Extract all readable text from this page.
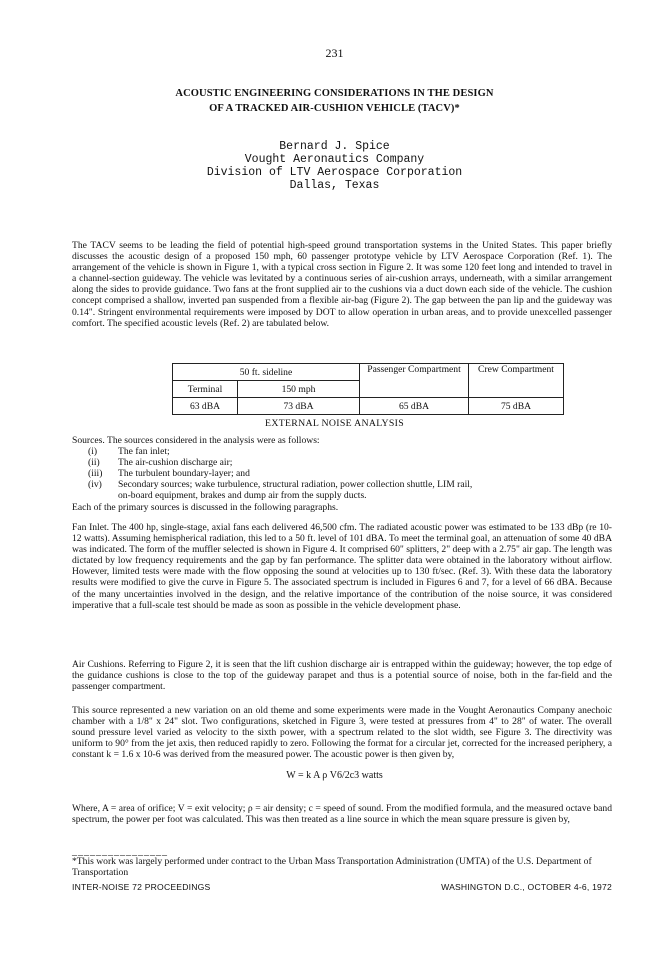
231
ACOUSTIC ENGINEERING CONSIDERATIONS IN THE DESIGN
OF A TRACKED AIR-CUSHION VEHICLE (TACV)*
Bernard J. Spice
Vought Aeronautics Company
Division of LTV Aerospace Corporation
Dallas, Texas

The TACV seems to be leading the field of potential high-speed ground transportation systems in the United States. This paper briefly discusses the acoustic design of a proposed 150 mph, 60 passenger prototype vehicle by LTV Aerospace Corporation (Ref. 1). The arrangement of the vehicle is shown in Figure 1, with a typical cross section in Figure 2. It was some 120 feet long and intended to travel in a channel-section guideway. The vehicle was levitated by a continuous series of air-cushion arrays, underneath, with a similar arrangement along the sides to provide guidance. Two fans at the front supplied air to the cushions via a duct down each side of the vehicle. The cushion concept comprised a shallow, inverted pan suspended from a flexible air-bag (Figure 2). The gap between the pan lip and the guideway was 0.14". Stringent environmental requirements were imposed by DOT to allow operation in urban areas, and to provide unexcelled passenger comfort. The specified acoustic levels (Ref. 2) are tabulated below.

50 ft. sideline		Passenger Compartment	Crew Compartment
Terminal	150 mph		
63 dBA	73 dBA	65 dBA	75 dBA
EXTERNAL NOISE ANALYSIS
Sources. The sources considered in the analysis were as follows:
(i)	The fan inlet;
(ii)	The air-cushion discharge air;
(iii)	The turbulent boundary-layer; and
(iv)	Secondary sources; wake turbulence, structural radiation, power collection shuttle, LIM rail,
on-board equipment, brakes and dump air from the supply ducts.
Each of the primary sources is discussed in the following paragraphs.

Fan Inlet. The 400 hp, single-stage, axial fans each delivered 46,500 cfm. The radiated acoustic power was estimated to be 133 dBp (re 10-12 watts). Assuming hemispherical radiation, this led to a 50 ft. level of 101 dBA. To meet the terminal goal, an attenuation of some 40 dBA was indicated. The form of the muffler selected is shown in Figure 4. It comprised 60" splitters, 2" deep with a 2.75" air gap. The length was dictated by low frequency requirements and the gap by fan performance. The splitter data were obtained in the laboratory without airflow. However, limited tests were made with the flow opposing the sound at velocities up to 130 ft/sec. (Ref. 3). With these data the laboratory results were modified to give the curve in Figure 5. The associated spectrum is included in Figures 6 and 7, for a level of 66 dBA. Because of the many uncertainties involved in the design, and the relative importance of the contribution of the noise source, it was considered imperative that a full-scale test should be made as soon as possible in the vehicle development phase.

Air Cushions. Referring to Figure 2, it is seen that the lift cushion discharge air is entrapped within the guideway; however, the top edge of the guidance cushions is close to the top of the guideway parapet and thus is a potential source of noise, both in the far-field and the passenger compartment.

This source represented a new variation on an old theme and some experiments were made in the Vought Aeronautics Company anechoic chamber with a 1/8" x 24" slot. Two configurations, sketched in Figure 3, were tested at pressures from 4" to 28" of water. The overall sound pressure level varied as velocity to the sixth power, with a spectrum related to the slot width, see Figure 3. The directivity was uniform to 90° from the jet axis, then reduced rapidly to zero. Following the format for a circular jet, corrected for the increased periphery, a constant k = 1.6 x 10-6 was derived from the measured power. The acoustic power is then given by,

W = k A ρ V6/2c3 watts

Where, A = area of orifice; V = exit velocity; ρ = air density; c = speed of sound. From the modified formula, and the measured octave band spectrum, the power per foot was calculated. This was then treated as a line source in which the mean square pressure is given by,

________________
*This work was largely performed under contract to the Urban Mass Transportation Administration (UMTA) of the U.S. Department of Transportation
INTER-NOISE 72 PROCEEDINGS	WASHINGTON D.C., OCTOBER 4-6, 1972
